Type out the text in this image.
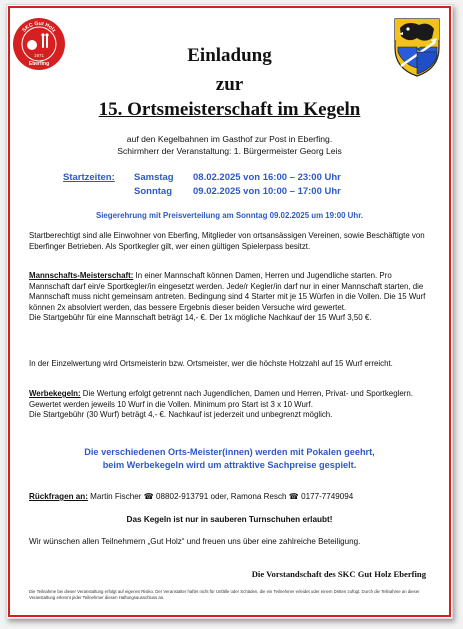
SKC Gut Holz
1971
Eberfing	Einladung
zur
15. Ortsmeisterschaft im Kegeln
auf den Kegelbahnen im Gasthof zur Post in Eberfing.
Schirmherr der Veranstaltung: 1. Bürgermeister Georg Leis
Startzeiten: Samstag 08.02.2025 von 16:00 – 23:00 Uhr
Sonntag 09.02.2025 von 10:00 – 17:00 Uhr
Siegerehrung mit Preisverteilung am Sonntag 09.02.2025 um 19:00 Uhr.
Startberechtigt sind alle Einwohner von Eberfing, Mitglieder von ortsansässigen Vereinen, sowie Beschäftigte von Eberfinger Betrieben. Als Sportkegler gilt, wer einen gültigen Spielerpass besitzt.
Mannschafts-Meisterschaft: In einer Mannschaft können Damen, Herren und Jugendliche starten. Pro Mannschaft darf ein/e Sportkegler/in eingesetzt werden. Jede/r Kegler/in darf nur in einer Mannschaft starten, die Mannschaft muss nicht gemeinsam antreten. Bedingung sind 4 Starter mit je 15 Würfen in die Vollen. Die 15 Wurf können 2x absolviert werden, das bessere Ergebnis dieser beiden Versuche wird gewertet.
Die Startgebühr für eine Mannschaft beträgt 14,- €. Der 1x mögliche Nachkauf der 15 Wurf 3,50 €.
In der Einzelwertung wird Ortsmeisterin bzw. Ortsmeister, wer die höchste Holzzahl auf 15 Wurf erreicht.
Werbekegeln: Die Wertung erfolgt getrennt nach Jugendlichen, Damen und Herren, Privat- und Sportkeglern. Gewertet werden jeweils 10 Wurf in die Vollen. Minimum pro Start ist 3 x 10 Wurf.
Die Startgebühr (30 Wurf) beträgt 4,- €. Nachkauf ist jederzeit und unbegrenzt möglich.
Die verschiedenen Orts-Meister(innen) werden mit Pokalen geehrt,
beim Werbekegeln wird um attraktive Sachpreise gespielt.
Rückfragen an: Martin Fischer ☎ 08802-913791 oder, Ramona Resch ☎ 0177-7749094
Das Kegeln ist nur in sauberen Turnschuhen erlaubt!
Wir wünschen allen Teilnehmern „Gut Holz“ und freuen uns über eine zahlreiche Beteiligung.
Die Vorstandschaft des SKC Gut Holz Eberfing
Die Teilnahme bei dieser Veranstaltung erfolgt auf eigenes Risiko. Der Veranstalter haftet nicht für Unfälle oder Schäden, die ein Teilnehmer erleidet oder einem Dritten zufügt. Durch die Teilnahme an dieser Veranstaltung erkennt jeder Teilnehmer diesen Haftungsausschluss an.
